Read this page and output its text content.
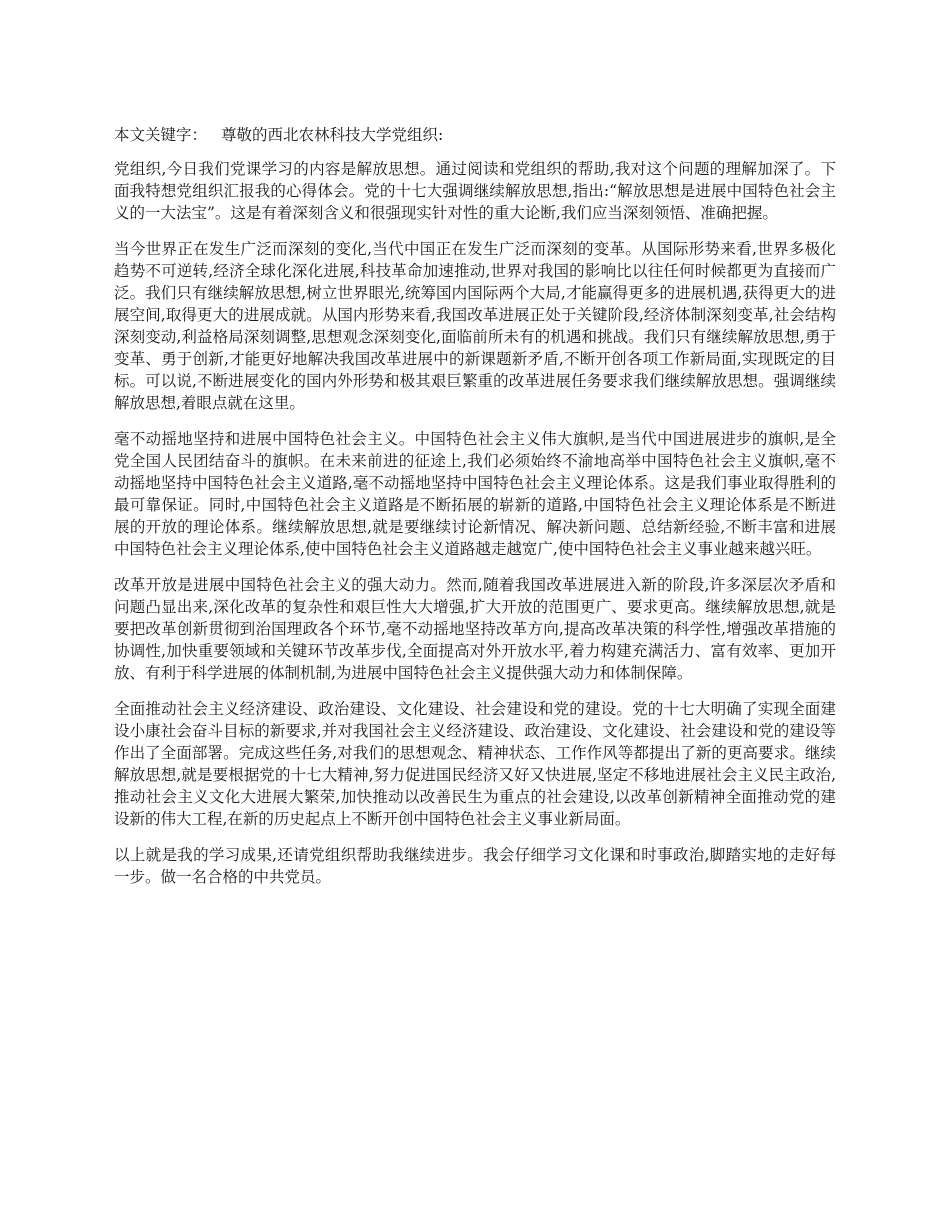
本文关键字： 尊敬的西北农林科技大学党组织:

党组织,今日我们党课学习的内容是解放思想。通过阅读和党组织的帮助,我对这个问题的理解加深了。下面我特想党组织汇报我的心得体会。党的十七大强调继续解放思想,指出:“解放思想是进展中国特色社会主义的一大法宝”。这是有着深刻含义和很强现实针对性的重大论断,我们应当深刻领悟、准确把握。

当今世界正在发生广泛而深刻的变化,当代中国正在发生广泛而深刻的变革。从国际形势来看,世界多极化趋势不可逆转,经济全球化深化进展,科技革命加速推动,世界对我国的影响比以往任何时候都更为直接而广泛。我们只有继续解放思想,树立世界眼光,统筹国内国际两个大局,才能赢得更多的进展机遇,获得更大的进展空间,取得更大的进展成就。从国内形势来看,我国改革进展正处于关键阶段,经济体制深刻变革,社会结构深刻变动,利益格局深刻调整,思想观念深刻变化,面临前所未有的机遇和挑战。我们只有继续解放思想,勇于变革、勇于创新,才能更好地解决我国改革进展中的新课题新矛盾,不断开创各项工作新局面,实现既定的目标。可以说,不断进展变化的国内外形势和极其艰巨繁重的改革进展任务要求我们继续解放思想。强调继续解放思想,着眼点就在这里。

毫不动摇地坚持和进展中国特色社会主义。中国特色社会主义伟大旗帜,是当代中国进展进步的旗帜,是全党全国人民团结奋斗的旗帜。在未来前进的征途上,我们必须始终不渝地高举中国特色社会主义旗帜,毫不动摇地坚持中国特色社会主义道路,毫不动摇地坚持中国特色社会主义理论体系。这是我们事业取得胜利的最可靠保证。同时,中国特色社会主义道路是不断拓展的崭新的道路,中国特色社会主义理论体系是不断进展的开放的理论体系。继续解放思想,就是要继续讨论新情况、解决新问题、总结新经验,不断丰富和进展中国特色社会主义理论体系,使中国特色社会主义道路越走越宽广,使中国特色社会主义事业越来越兴旺。

改革开放是进展中国特色社会主义的强大动力。然而,随着我国改革进展进入新的阶段,许多深层次矛盾和问题凸显出来,深化改革的复杂性和艰巨性大大增强,扩大开放的范围更广、要求更高。继续解放思想,就是要把改革创新贯彻到治国理政各个环节,毫不动摇地坚持改革方向,提高改革决策的科学性,增强改革措施的协调性,加快重要领域和关键环节改革步伐,全面提高对外开放水平,着力构建充满活力、富有效率、更加开放、有利于科学进展的体制机制,为进展中国特色社会主义提供强大动力和体制保障。

全面推动社会主义经济建设、政治建设、文化建设、社会建设和党的建设。党的十七大明确了实现全面建设小康社会奋斗目标的新要求,并对我国社会主义经济建设、政治建设、文化建设、社会建设和党的建设等作出了全面部署。完成这些任务,对我们的思想观念、精神状态、工作作风等都提出了新的更高要求。继续解放思想,就是要根据党的十七大精神,努力促进国民经济又好又快进展,坚定不移地进展社会主义民主政治,推动社会主义文化大进展大繁荣,加快推动以改善民生为重点的社会建设,以改革创新精神全面推动党的建设新的伟大工程,在新的历史起点上不断开创中国特色社会主义事业新局面。

以上就是我的学习成果,还请党组织帮助我继续进步。我会仔细学习文化课和时事政治,脚踏实地的走好每一步。做一名合格的中共党员。
